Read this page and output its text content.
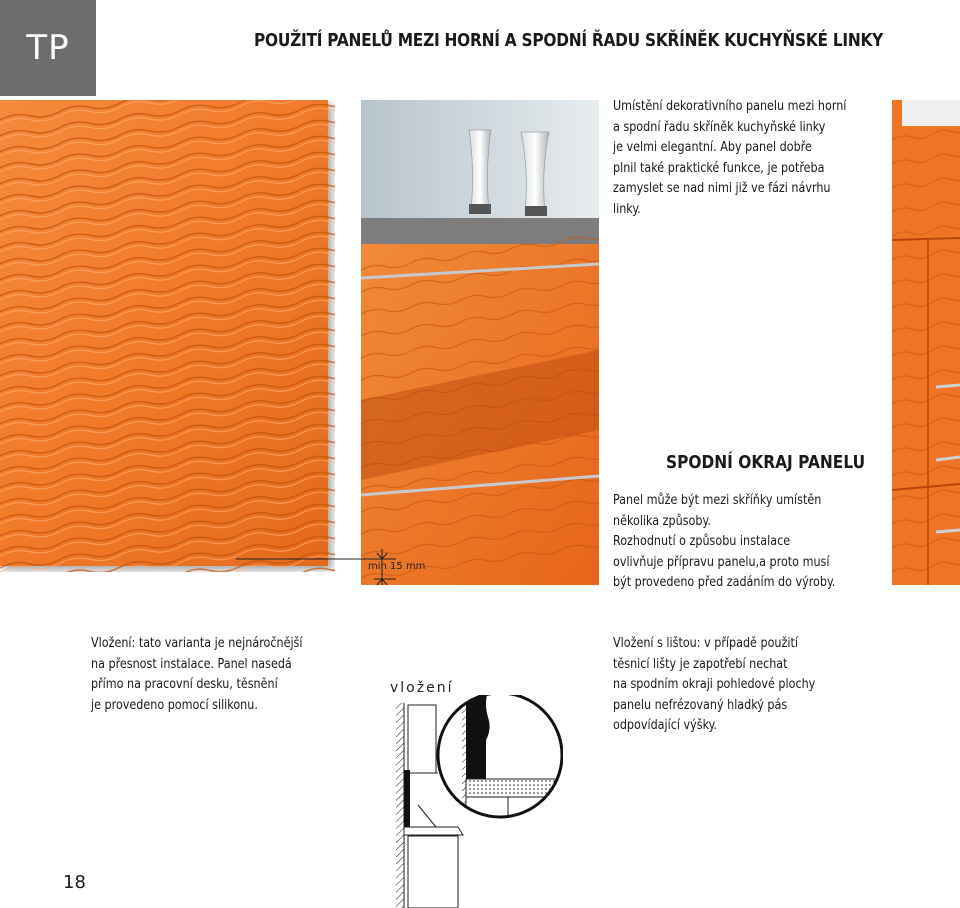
TP	POUŽITÍ PANELŮ MEZI HORNÍ A SPODNÍ ŘADU SKŘÍNĚK KUCHYŇSKÉ LINKY
Umístění dekorativního panelu mezi horní
a spodní řadu skříněk kuchyňské linky
je velmi elegantní. Aby panel dobře
plnil také praktické funkce, je potřeba
zamyslet se nad nimi již ve fázi návrhu
linky.
min 15 mm
SPODNÍ OKRAJ PANELU
Panel může být mezi skříňky umístěn
několika způsoby.
Rozhodnutí o způsobu instalace
ovlivňuje přípravu panelu,a proto musí
být provedeno před zadáním do výroby.
Vložení: tato varianta je nejnáročnější
na přesnost instalace. Panel nasedá
přímo na pracovní desku, těsnění
je provedeno pomocí silikonu.
vložení
Vložení s lištou: v případě použití
těsnicí lišty je zapotřebí nechat
na spodním okraji pohledové plochy
panelu nefrézovaný hladký pás
odpovídající výšky.
18
